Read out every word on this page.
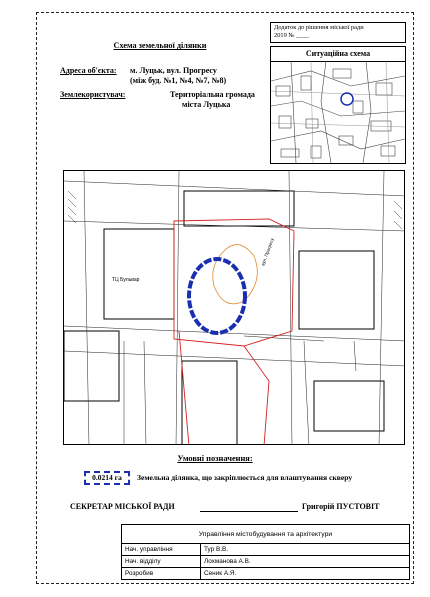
Додаток до рішення міської ради
2019 № ____
Схема земельної ділянки
Адреса об'єкта: м. Луцьк, вул. Прогресу
(між буд. №1, №4, №7, №8)
Землекористувач:	Територіальна громада
міста Луцька
Ситуаційна схема
ТЦ Бульвар
вул. Прогресу
Умовні позначення:
0.0214 га	Земельна ділянка, що закріплюється для влаштування скверу
СЕКРЕТАР МІСЬКОЇ РАДИ	Григорій ПУСТОВІТ
Управління містобудування та архітектури	
Нач. управління	Тур В.В.
Нач. відділу	Лохманова А.В.
Розробив	Сеник А.Я.
